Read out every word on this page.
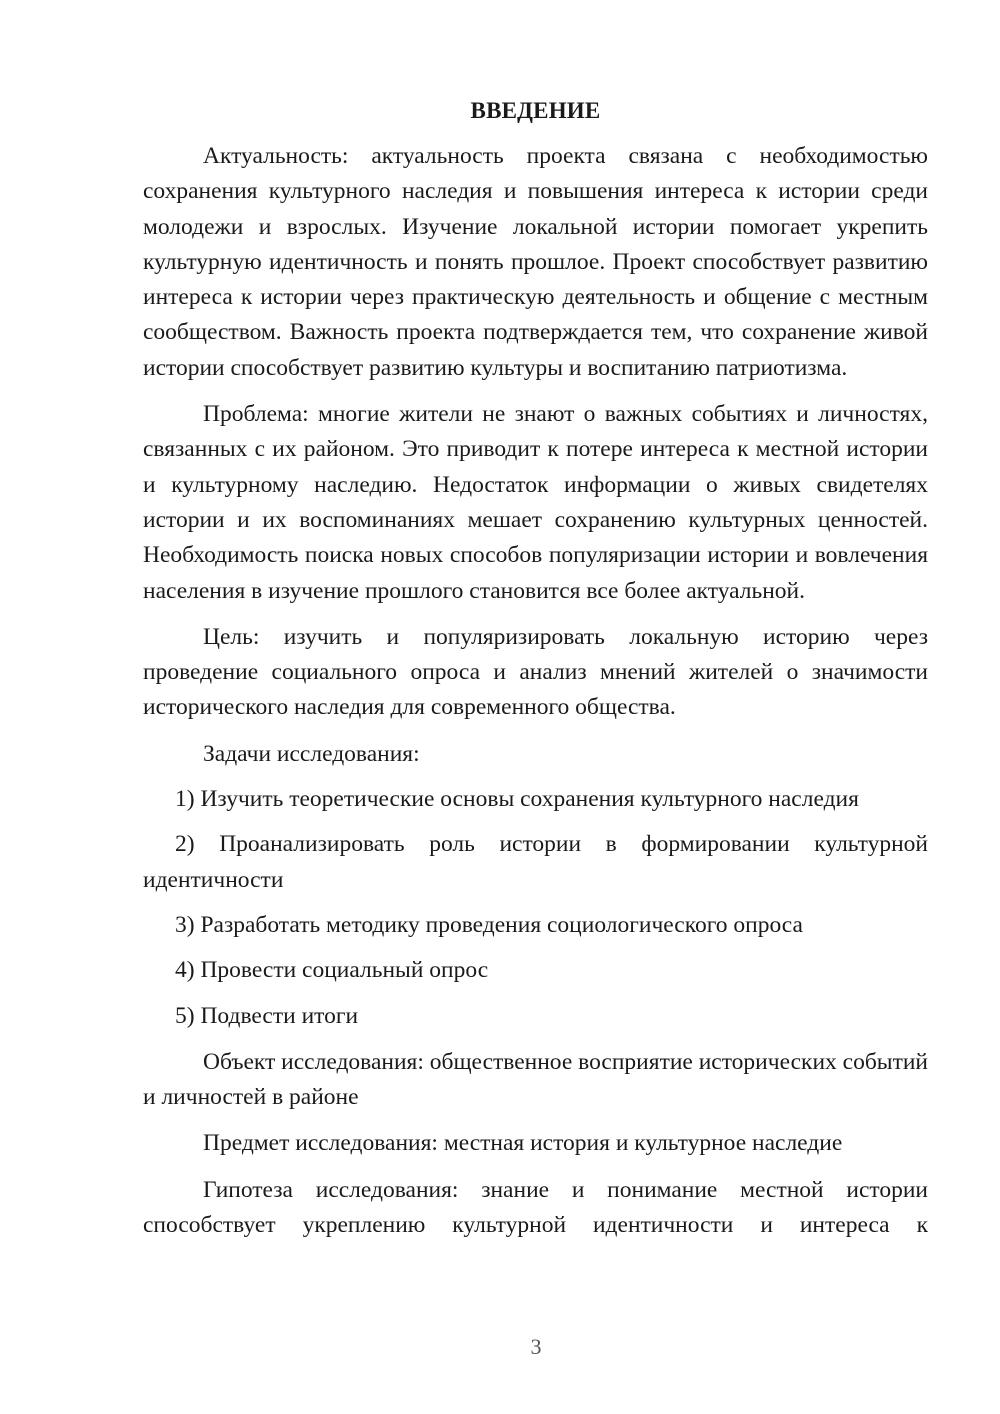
ВВЕДЕНИЕ

Актуальность: актуальность проекта связана с необходимостью сохранения культурного наследия и повышения интереса к истории среди молодежи и взрослых. Изучение локальной истории помогает укрепить культурную идентичность и понять прошлое. Проект способствует развитию интереса к истории через практическую деятельность и общение с местным сообществом. Важность проекта подтверждается тем, что сохранение живой истории способствует развитию культуры и воспитанию патриотизма.

Проблема: многие жители не знают о важных событиях и личностях, связанных с их районом. Это приводит к потере интереса к местной истории и культурному наследию. Недостаток информации о живых свидетелях истории и их воспоминаниях мешает сохранению культурных ценностей. Необходимость поиска новых способов популяризации истории и вовлечения населения в изучение прошлого становится все более актуальной.

Цель: изучить и популяризировать локальную историю через проведение социального опроса и анализ мнений жителей о значимости исторического наследия для современного общества.

Задачи исследования:

1) Изучить теоретические основы сохранения культурного наследия

2) Проанализировать роль истории в формировании культурной идентичности

3) Разработать методику проведения социологического опроса

4) Провести социальный опрос

5) Подвести итоги

Объект исследования: общественное восприятие исторических событий и личностей в районе

Предмет исследования: местная история и культурное наследие

Гипотеза исследования: знание и понимание местной истории способствует укреплению культурной идентичности и интереса к

3
